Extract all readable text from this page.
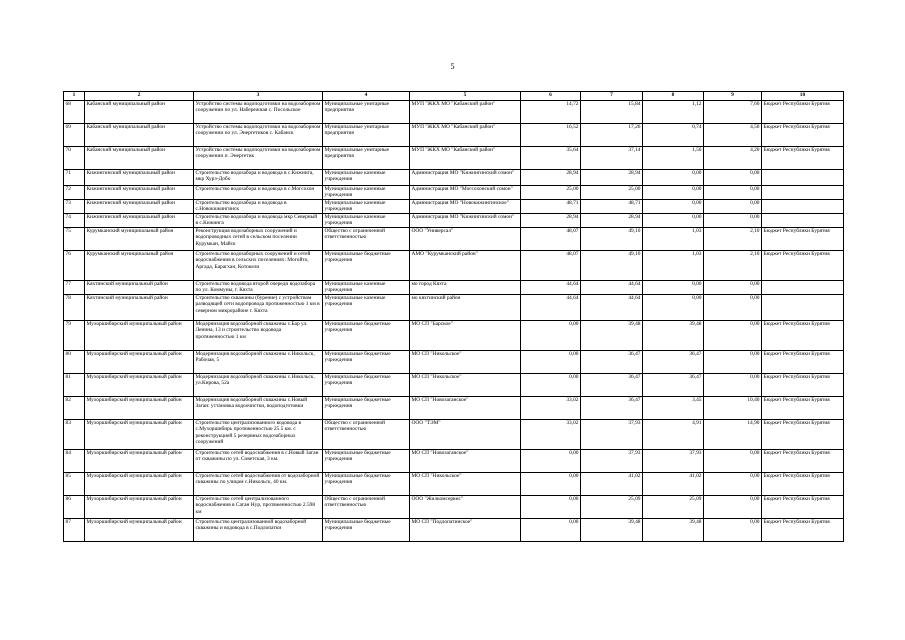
5
1	2	3	4	5	6	7	8	9	10
68	Кабанский муниципальный район	Устройство системы водоподготовки на водозаборном сооружении по ул. Набережная с. Посольское	Муниципальные унитарные предприятия	МУП "ЖКХ МО "Кабанский район"	14,72	15,84	1,12	7,60	Бюджет Республики Бурятия
69	Кабанский муниципальный район	Устройство системы водоподготовки на водозаборном сооружении по ул. Энергетиков с. Кабанск	Муниципальные унитарные предприятия	МУП "ЖКХ МО "Кабанский район"	16,52	17,26	0,74	4,50	Бюджет Республики Бурятия
70	Кабанский муниципальный район	Устройство системы водоподготовки на водозаборном сооружении п. Энергетик	Муниципальные унитарные предприятия	МУП "ЖКХ МО "Кабанский район"	35,64	37,14	1,50	4,20	Бюджет Республики Бурятия
71	Кижингинский муниципальный район	Строительство водозабора и водовода в с.Кижинга, мкр Хурэ-Добо	Муниципальные казенные учреждения	Администрация МО "Кижингинский сомон"	28,94	28,94	0,00	0,00	
72	Кижингинский муниципальный район	Строительство водозабора и водовода в с.Могсохон	Муниципальные казенные учреждения	Администрация МО "Могсохонский сомон"	25,00	25,00	0,00	0,00	
73	Кижингинский муниципальный район	Строительство водозабора и водовода в с.Новокижингинск	Муниципальные казенные учреждения	Администрация МО "Новокижингинское"	48,71	48,71	0,00	0,00	
74	Кижингинский муниципальный район	Строительство водозабора и водовода мкр Северный в с.Кижинга	Муниципальные казенные учреждения	Администрация МО "Кижингинский сомон"	28,94	28,94	0,00	0,00	
75	Курумканский муниципальный район	Реконструкция водозаборных сооружений и водопроводных сетей в сельском поселении Курумкан, Майск	Общество с ограниченной ответственностью	ООО "Универсал"	48,07	49,10	1,03	2,10	Бюджет Республики Бурятия
76	Курумканский муниципальный район	Строительство водозаборных сооружений и сетей водоснабжения в сельских поселениях: Могойто, Аргада, Барагхан, Котокели	Муниципальные бюджетные учреждения	АМО "Курумканский район"	48,07	49,10	1,03	2,10	Бюджет Республики Бурятия
77	Кяхтинский муниципальный район	Строительство водовода второй очереди водозабора по ул. Коммуны, г. Кяхта	Муниципальные казенные учреждения	мо город Кяхта	44,64	44,64	0,00	0,00	
78	Кяхтинский муниципальный район	Строительство скважины (бурение) с устройством разводящей сети водопровода протяженностью 1 км в северном микрорайоне г. Кяхта	Муниципальные казенные учреждения	мо кяхтинский район	44,64	44,64	0,00	0,00	
79	Мухоршибирский муниципальный район	Модернизация водозаборной скважины с.Бар ул. Ленина, 13 и строительство водовода протяженностью 1 км	Муниципальные бюджетные учреждения	МО СП "Барское"	0,00	39,48	39,48	0,00	Бюджет Республики Бурятия
80	Мухоршибирский муниципальный район	Модернизация водозаборной скважины с.Никольск, Рабочая, 5	Муниципальные бюджетные учреждения	МО СП "Никольское"	0,00	36,47	36,47	0,00	Бюджет Республики Бурятия
81	Мухоршибирский муниципальный район	Модернизация водозаборной скважины с.Никольск, ул.Кирова, 52а	Муниципальные бюджетные учреждения	МО СП "Никольское"	0,00	36,47	36,47	0,00	Бюджет Республики Бурятия
82	Мухоршибирский муниципальный район	Модернизация водозаборной скважины с.Новый Заган: установка водоочистки, водоподготовки	Муниципальные бюджетные учреждения	МО СП "Новозаганское"	33,02	36,47	3,45	10,40	Бюджет Республики Бурятия
83	Мухоршибирский муниципальный район	Строительство централизованного водовода в с.Мухоршибирь протяженностью 25.5 км. с реконструкцией 5 резервных водозаборных сооружений	Общество с ограниченной ответственностью	ООО "ТЭМ"	33,02	37,93	4,91	14,90	Бюджет Республики Бурятия
84	Мухоршибирский муниципальный район	Строительство сетей водоснабжения в с.Новый Заган от скважины по ул. Советская, 3 км.	Муниципальные бюджетные учреждения	МО СП "Новозаганское"	0,00	37,93	37,93	0,00	Бюджет Республики Бурятия
85	Мухоршибирский муниципальный район	Строительство сетей водоснабжения от водозаборной скважины по улицам с.Никольск, 40 км.	Муниципальные бюджетные учреждения	МО СП "Никольское"	0,00	41,02	41,02	0,00	Бюджет Республики Бурятия
86	Мухоршибирский муниципальный район	Строительство сетей централизованного водоснабжения в Саган Нур, протяженностью 2.598 км	Общество с ограниченной ответственностью	ООО "Жилкомсервис"	0,00	25,09	25,09	0,00	Бюджет Республики Бурятия
87	Мухоршибирский муниципальный район	Строительство централизованной водозаборной скважины и водовода в с.Подлопатки	Муниципальные бюджетные учреждения	МО СП "Подлопатинское"	0,00	39,48	39,48	0,00	Бюджет Республики Бурятия
